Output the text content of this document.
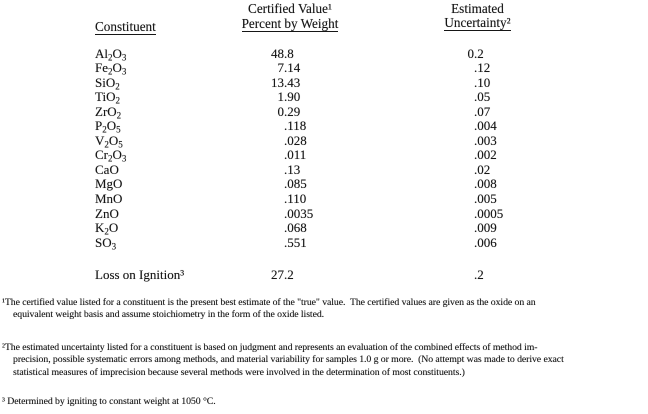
Constituent
Certified Value¹
Percent by Weight
Estimated
Uncertainty²
$Al_2O_3$	48.8	0.2
$Fe_2O_3$	7.14	.12
SiO$_2$	13.43	.10
TiO$_2$	1.90	.05
ZrO$_2$	0.29	.07
$P_2O_5$	.118	.004
$V_2O_5$	.028	.003
$Cr_2O_3$	.011	.002
CaO	.13	.02
MgO	.085	.008
MnO	.110	.005
ZnO	.0035	.0005
$K_2O$	.068	.009
$SO_3$	.551	.006
Loss on Ignition³	27.2	.2
¹The certified value listed for a constituent is the present best estimate of the "true" value.  The certified values are given as the oxide on an
equivalent weight basis and assume stoichiometry in the form of the oxide listed.
²The estimated uncertainty listed for a constituent is based on judgment and represents an evaluation of the combined effects of method im-
precision, possible systematic errors among methods, and material variability for samples 1.0 g or more.  (No attempt was made to derive exact
statistical measures of imprecision because several methods were involved in the determination of most constituents.)
³ Determined by igniting to constant weight at 1050 °C.
